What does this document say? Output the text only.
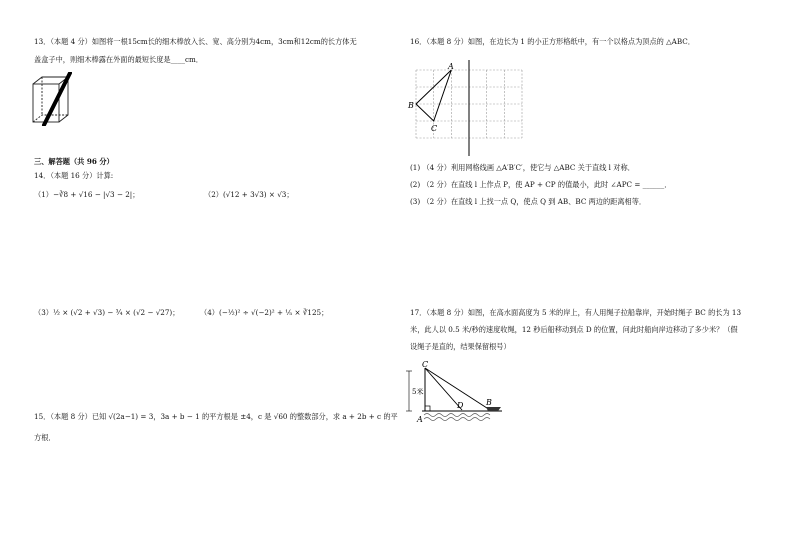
13．（本题 4 分）如图将一根15cm长的细木棒放入长、宽、高分别为4cm，3cm和12cm的长方体无
盖盒子中，则细木棒露在外面的最短长度是____cm．
三、解答题（共 96 分）
14．（本题 16 分）计算:
（1）−∛8 + √16 − |√3 − 2|；	（2）(√12 + 3√3) × √3；
（3）½ × (√2 + √3) − ¾ × (√2 − √27)；	（4）(−½)² ÷ √(−2)² + ⅕ × ∛125；
15．（本题 8 分）已知 √(2a−1) = 3，3a + b − 1 的平方根是 ±4，c 是 √60 的整数部分，求 a + 2b + c 的平
方根．
16．（本题 8 分）如图，在边长为 1 的小正方形格纸中，有一个以格点为顶点的 △ABC．
A
B
C
(1) （4 分）利用网格线画 △A′B′C′，使它与 △ABC 关于直线 l 对称．
(2) （2 分）在直线 l 上作点 P，使 AP + CP 的值最小，此时 ∠APC = ______．
(3) （2 分）在直线 l 上找一点 Q，使点 Q 到 AB、BC 两边的距离相等．
17．（本题 8 分）如图，在高水面高度为 5 米的岸上，有人用绳子拉船靠岸，开始时绳子 BC 的长为 13
米，此人以 0.5 米/秒的速度收绳，12 秒后船移动到点 D 的位置，问此时船向岸边移动了多少米？（假
设绳子是直的，结果保留根号）
C
A
D	B
5米
